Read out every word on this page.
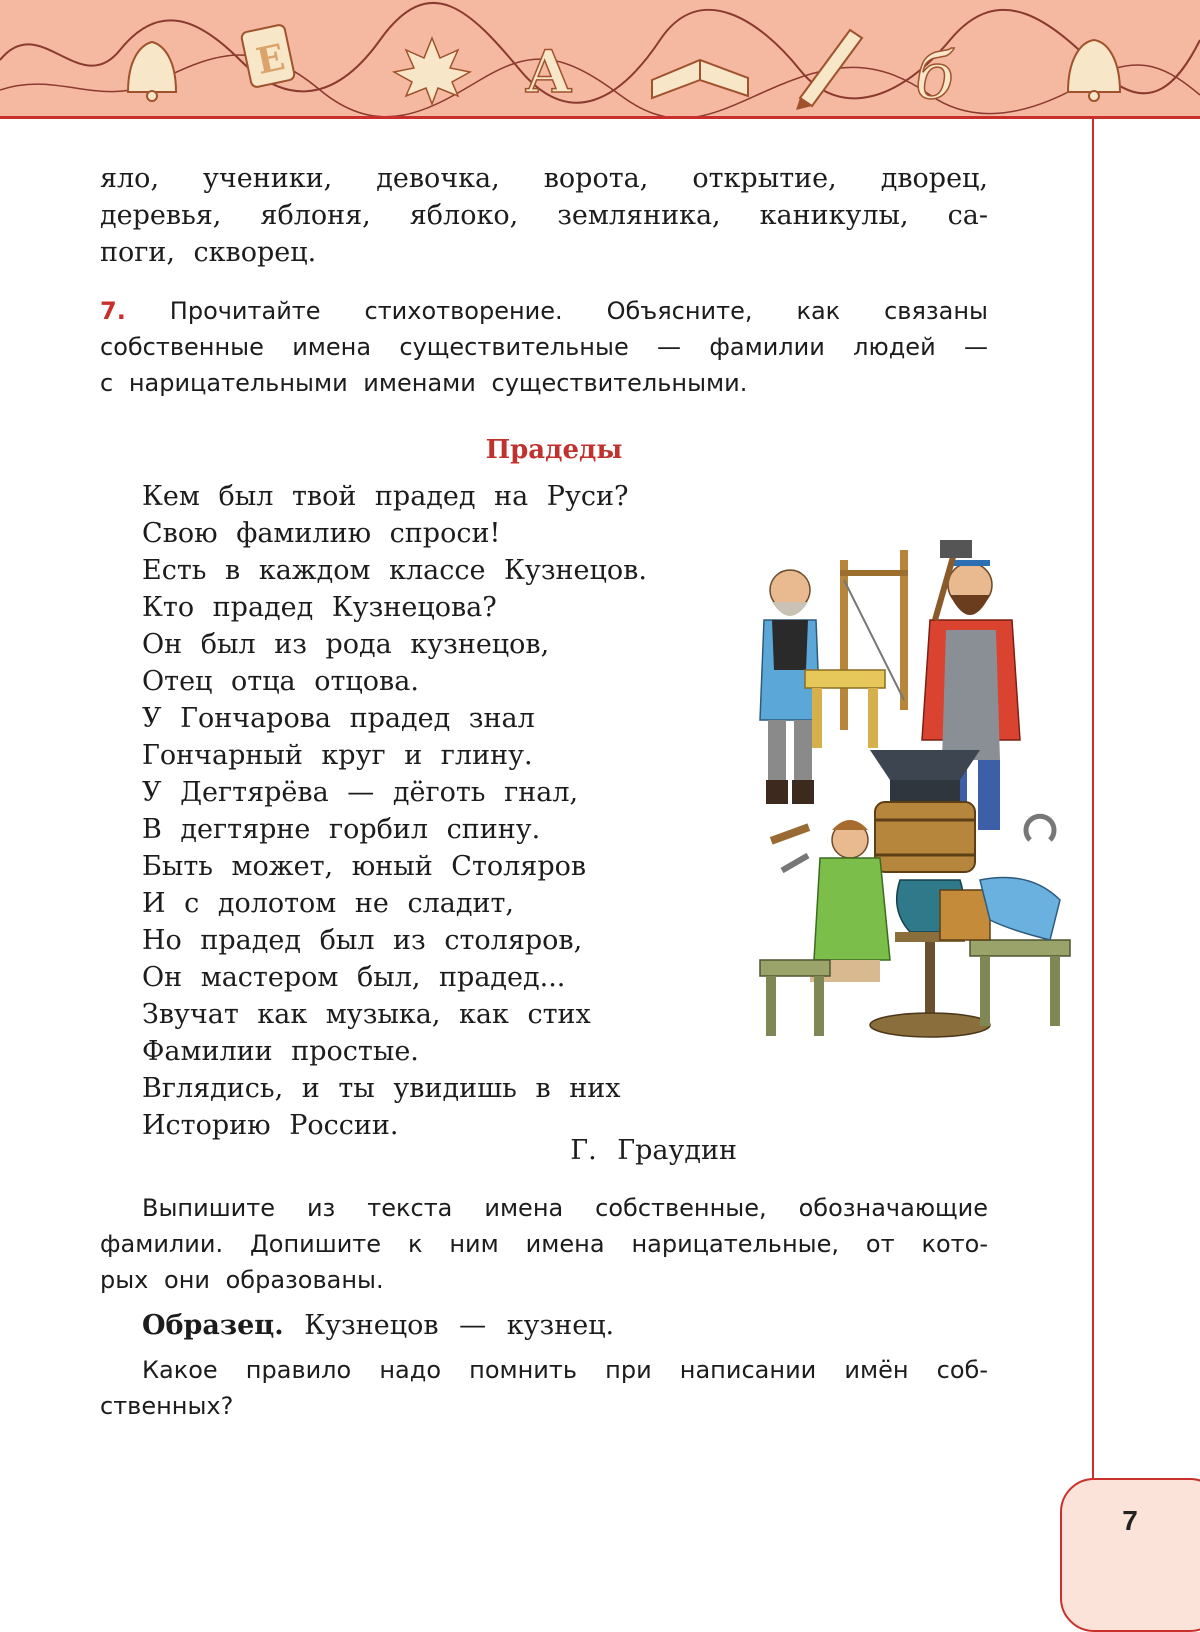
Е	А	б
яло, ученики, девочка, ворота, открытие, дворец,
деревья, яблоня, яблоко, земляника, каникулы, са-
поги, скворец.
7. Прочитайте стихотворение. Объясните, как связаны
собственные имена существительные — фамилии людей —
с нарицательными именами существительными.
Прадеды
Кем был твой прадед на Руси?
Свою фамилию спроси!
Есть в каждом классе Кузнецов.
Кто прадед Кузнецова?
Он был из рода кузнецов,
Отец отца отцова.
У Гончарова прадед знал
Гончарный круг и глину.
У Дегтярёва — дёготь гнал,
В дегтярне горбил спину.
Быть может, юный Столяров
И с долотом не сладит,
Но прадед был из столяров,
Он мастером был, прадед...
Звучат как музыка, как стих
Фамилии простые.
Вглядись, и ты увидишь в них
Историю России.
Г. Граудин
Выпишите из текста имена собственные, обозначающие
фамилии. Допишите к ним имена нарицательные, от кото-
рых они образованы.
Образец. Кузнецов — кузнец.
Какое правило надо помнить при написании имён соб-
ственных?
7
